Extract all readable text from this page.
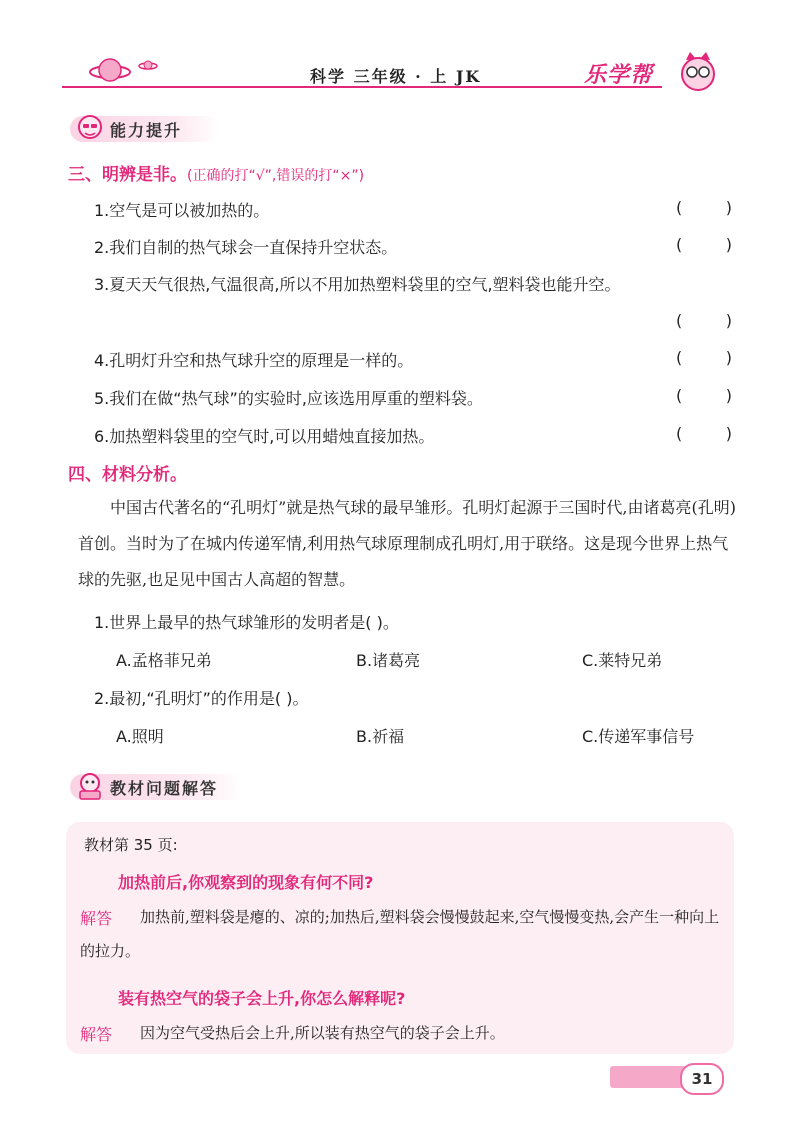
科学 三年级 · 上 JK	乐学帮
能力提升
三、明辨是非。(正确的打“√”,错误的打“×”)
1.空气是可以被加热的。	(	)
2.我们自制的热气球会一直保持升空状态。	(	)
3.夏天天气很热,气温很高,所以不用加热塑料袋里的空气,塑料袋也能升空。
(	)
4.孔明灯升空和热气球升空的原理是一样的。	(	)
5.我们在做“热气球”的实验时,应该选用厚重的塑料袋。	(	)
6.加热塑料袋里的空气时,可以用蜡烛直接加热。	(	)
四、材料分析。
中国古代著名的“孔明灯”就是热气球的最早雏形。孔明灯起源于三国时代,由诸葛亮(孔明)首创。当时为了在城内传递军情,利用热气球原理制成孔明灯,用于联络。这是现今世界上热气球的先驱,也足见中国古人高超的智慧。
1.世界上最早的热气球雏形的发明者是( )。
A.孟格菲兄弟	B.诸葛亮	C.莱特兄弟
2.最初,“孔明灯”的作用是( )。
A.照明	B.祈福	C.传递军事信号
教材问题解答
教材第 35 页:
加热前后,你观察到的现象有何不同?
解答	加热前,塑料袋是瘪的、凉的;加热后,塑料袋会慢慢鼓起来,空气慢慢变热,会产生一种向上的拉力。
装有热空气的袋子会上升,你怎么解释呢?
解答 因为空气受热后会上升,所以装有热空气的袋子会上升。
31
